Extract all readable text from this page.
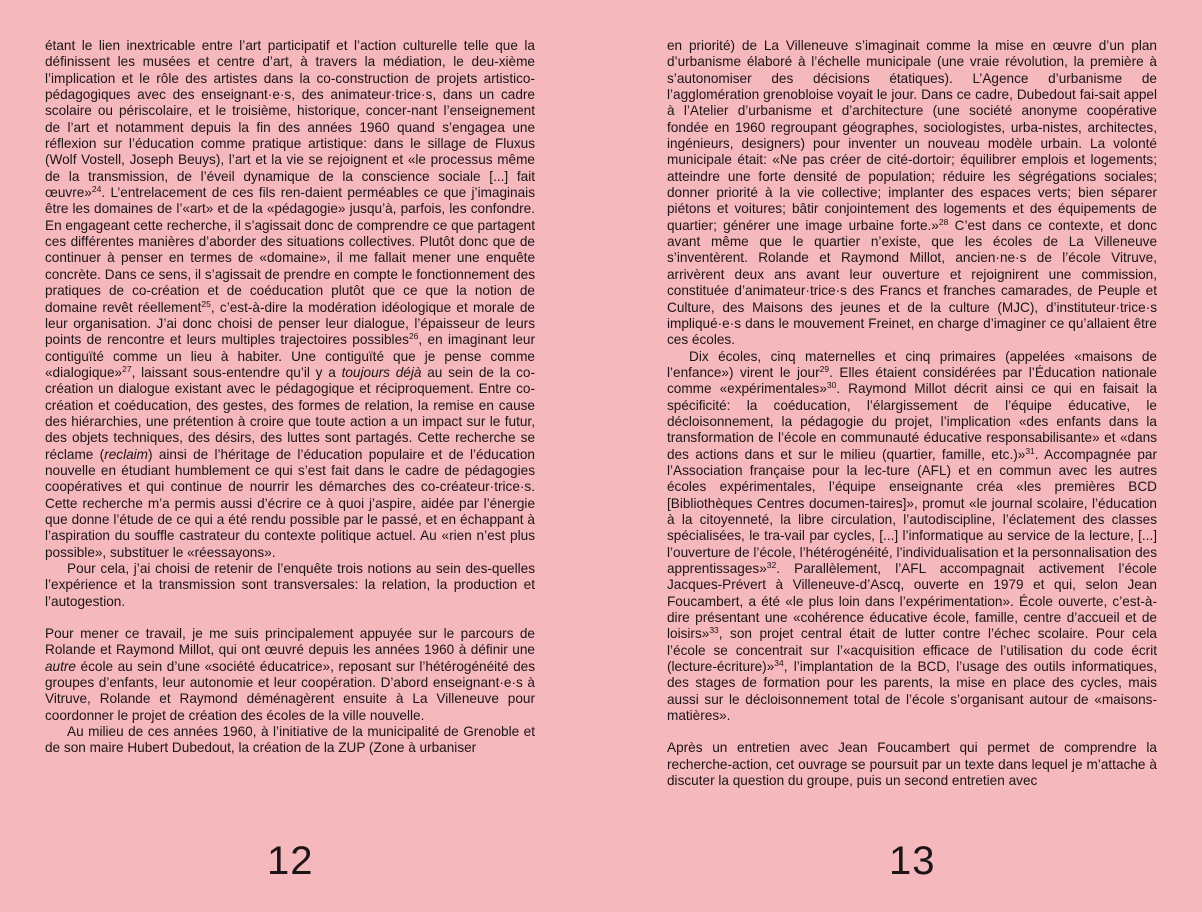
étant le lien inextricable entre l’art participatif et l’action culturelle telle que la définissent les musées et centre d’art, à travers la médiation, le deu-xième l’implication et le rôle des artistes dans la co-construction de projets artistico-pédagogiques avec des enseignant·e·s, des animateur·trice·s, dans un cadre scolaire ou périscolaire, et le troisième, historique, concer-nant l’enseignement de l’art et notamment depuis la fin des années 1960 quand s’engagea une réflexion sur l’éducation comme pratique artistique: dans le sillage de Fluxus (Wolf Vostell, Joseph Beuys), l’art et la vie se rejoignent et «le processus même de la transmission, de l’éveil dynamique de la conscience sociale [...] fait œuvre»$^{24}$. L’entrelacement de ces fils ren-daient perméables ce que j’imaginais être les domaines de l’«art» et de la «pédagogie» jusqu’à, parfois, les confondre. En engageant cette recherche, il s’agissait donc de comprendre ce que partagent ces différentes manières d’aborder des situations collectives. Plutôt donc que de continuer à penser en termes de «domaine», il me fallait mener une enquête concrète. Dans ce sens, il s’agissait de prendre en compte le fonctionnement des pratiques de co-création et de coéducation plutôt que ce que la notion de domaine revêt réellement$^{25}$, c’est-à-dire la modération idéologique et morale de leur organisation. J’ai donc choisi de penser leur dialogue, l’épaisseur de leurs points de rencontre et leurs multiples trajectoires possibles$^{26}$, en imaginant leur contiguïté comme un lieu à habiter. Une contiguïté que je pense comme «dialogique»$^{27}$, laissant sous-entendre qu’il y a toujours déjà au sein de la co-création un dialogue existant avec le pédagogique et réciproquement. Entre co-création et coéducation, des gestes, des formes de relation, la remise en cause des hiérarchies, une prétention à croire que toute action a un impact sur le futur, des objets techniques, des désirs, des luttes sont partagés. Cette recherche se réclame (reclaim) ainsi de l’héritage de l’éducation populaire et de l’éducation nouvelle en étudiant humblement ce qui s’est fait dans le cadre de pédagogies coopératives et qui continue de nourrir les démarches des co-créateur·trice·s. Cette recherche m’a permis aussi d’écrire ce à quoi j’aspire, aidée par l’énergie que donne l’étude de ce qui a été rendu possible par le passé, et en échappant à l’aspiration du souffle castrateur du contexte politique actuel. Au «rien n’est plus possible», substituer le «réessayons».

Pour cela, j’ai choisi de retenir de l’enquête trois notions au sein des-quelles l’expérience et la transmission sont transversales: la relation, la production et l’autogestion.

Pour mener ce travail, je me suis principalement appuyée sur le parcours de Rolande et Raymond Millot, qui ont œuvré depuis les années 1960 à définir une autre école au sein d’une «société éducatrice», reposant sur l’hétérogénéité des groupes d’enfants, leur autonomie et leur coopération. D’abord enseignant·e·s à Vitruve, Rolande et Raymond déménagèrent ensuite à La Villeneuve pour coordonner le projet de création des écoles de la ville nouvelle.

Au milieu de ces années 1960, à l’initiative de la municipalité de Grenoble et de son maire Hubert Dubedout, la création de la ZUP (Zone à urbaniser

12

en priorité) de La Villeneuve s’imaginait comme la mise en œuvre d’un plan d’urbanisme élaboré à l’échelle municipale (une vraie révolution, la première à s’autonomiser des décisions étatiques). L’Agence d’urbanisme de l’agglomération grenobloise voyait le jour. Dans ce cadre, Dubedout fai-sait appel à l’Atelier d’urbanisme et d’architecture (une société anonyme coopérative fondée en 1960 regroupant géographes, sociologistes, urba-nistes, architectes, ingénieurs, designers) pour inventer un nouveau modèle urbain. La volonté municipale était: «Ne pas créer de cité-dortoir; équilibrer emplois et logements; atteindre une forte densité de population; réduire les ségrégations sociales; donner priorité à la vie collective; implanter des espaces verts; bien séparer piétons et voitures; bâtir conjointement des logements et des équipements de quartier; générer une image urbaine forte.»$^{28}$ C’est dans ce contexte, et donc avant même que le quartier n’existe, que les écoles de La Villeneuve s’inventèrent. Rolande et Raymond Millot, ancien·ne·s de l’école Vitruve, arrivèrent deux ans avant leur ouverture et rejoignirent une commission, constituée d’animateur·trice·s des Francs et franches camarades, de Peuple et Culture, des Maisons des jeunes et de la culture (MJC), d’instituteur·trice·s impliqué·e·s dans le mouvement Freinet, en charge d’imaginer ce qu’allaient être ces écoles.

Dix écoles, cinq maternelles et cinq primaires (appelées «maisons de l’enfance») virent le jour$^{29}$. Elles étaient considérées par l’Éducation nationale comme «expérimentales»$^{30}$. Raymond Millot décrit ainsi ce qui en faisait la spécificité: la coéducation, l’élargissement de l’équipe éducative, le décloisonnement, la pédagogie du projet, l’implication «des enfants dans la transformation de l’école en communauté éducative responsabilisante» et «dans des actions dans et sur le milieu (quartier, famille, etc.)»$^{31}$. Accompagnée par l’Association française pour la lec-ture (AFL) et en commun avec les autres écoles expérimentales, l’équipe enseignante créa «les premières BCD [Bibliothèques Centres documen-taires]», promut «le journal scolaire, l’éducation à la citoyenneté, la libre circulation, l’autodiscipline, l’éclatement des classes spécialisées, le tra-vail par cycles, [...] l’informatique au service de la lecture, [...] l’ouverture de l’école, l’hétérogénéité, l’individualisation et la personnalisation des apprentissages»$^{32}$. Parallèlement, l’AFL accompagnait activement l’école Jacques-Prévert à Villeneuve-d’Ascq, ouverte en 1979 et qui, selon Jean Foucambert, a été «le plus loin dans l’expérimentation». École ouverte, c’est-à-dire présentant une «cohérence éducative école, famille, centre d’accueil et de loisirs»$^{33}$, son projet central était de lutter contre l’échec scolaire. Pour cela l’école se concentrait sur l’«acquisition efficace de l’utilisation du code écrit (lecture-écriture)»$^{34}$, l’implantation de la BCD, l’usage des outils informatiques, des stages de formation pour les parents, la mise en place des cycles, mais aussi sur le décloisonnement total de l’école s’organisant autour de «maisons-matières».

Après un entretien avec Jean Foucambert qui permet de comprendre la recherche-action, cet ouvrage se poursuit par un texte dans lequel je m’attache à discuter la question du groupe, puis un second entretien avec

13
